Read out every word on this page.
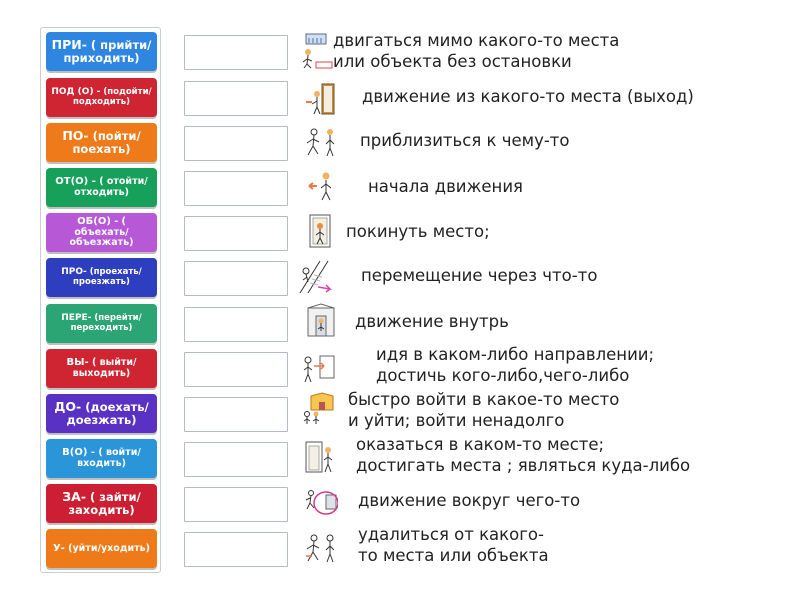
ПРИ- ( прийти/ приходить)
ПОД (О) - (подойти/подходить)
ПО- (пойти/ поехать)
ОТ(О) - ( отойти/отходить)
ОБ(О) - ( объехать/ объезжать)
ПРО- (проехать/проезжать)
ПЕРЕ- (перейти/переходить)
ВЫ- ( выйти/выходить)
ДО- (доехать/ доезжать)
В(О) - ( войти/входить)
ЗА- ( зайти/ заходить)
У- (уйти/уходить)
двигаться мимо какого-то места
или объекта без остановки
движение из какого-то места (выход)
приблизиться к чему-то
начала движения
покинуть место;
перемещение через что-то
движение внутрь
идя в каком-либо направлении;
достичь кого-либо,чего-либо
быстро войти в какое-то место
и уйти; войти ненадолго
оказаться в каком-то месте;
достигать места ; являться куда-либо
движение вокруг чего-то
удалиться от какого-
то места или объекта
